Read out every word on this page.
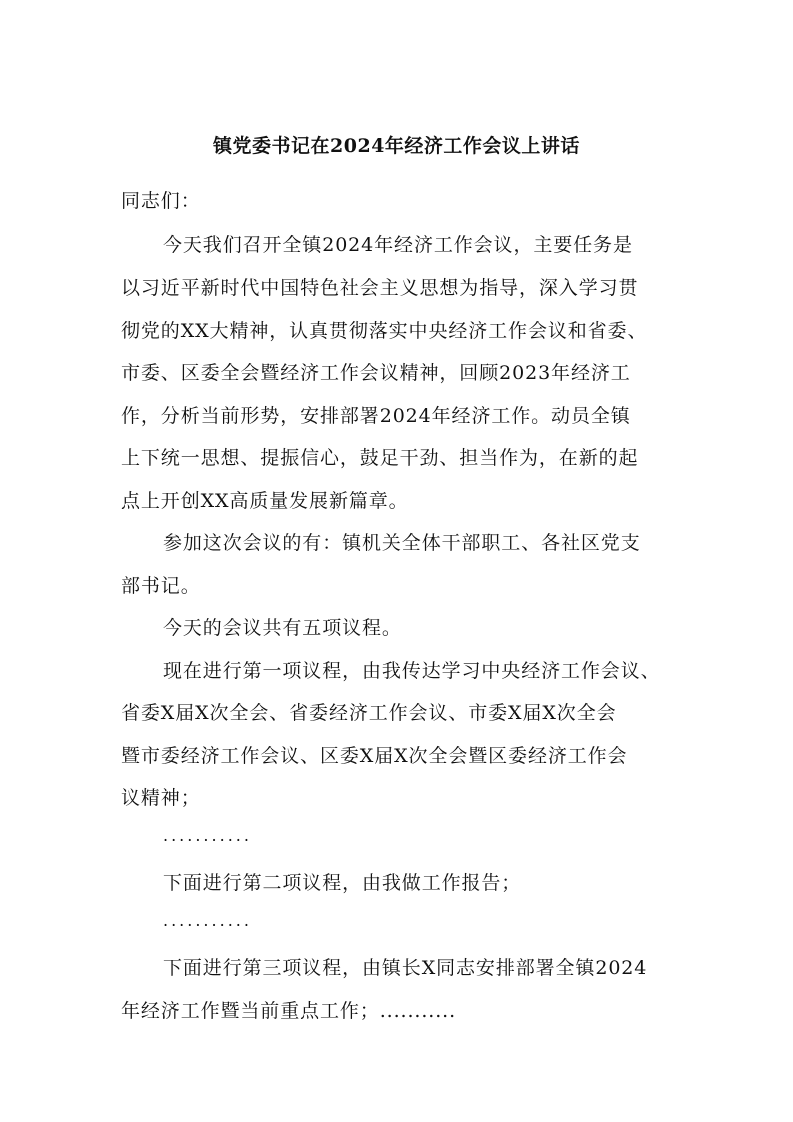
镇党委书记在2024年经济工作会议上讲话
同志们：
今天我们召开全镇2024年经济工作会议，主要任务是
以习近平新时代中国特色社会主义思想为指导，深入学习贯
彻党的XX大精神，认真贯彻落实中央经济工作会议和省委、
市委、区委全会暨经济工作会议精神，回顾2023年经济工
作，分析当前形势，安排部署2024年经济工作。动员全镇
上下统一思想、提振信心，鼓足干劲、担当作为，在新的起
点上开创XX高质量发展新篇章。
参加这次会议的有：镇机关全体干部职工、各社区党支
部书记。
今天的会议共有五项议程。
现在进行第一项议程，由我传达学习中央经济工作会议、
省委X届X次全会、省委经济工作会议、市委X届X次全会
暨市委经济工作会议、区委X届X次全会暨区委经济工作会
议精神；
...........
下面进行第二项议程，由我做工作报告；
...........
下面进行第三项议程，由镇长X同志安排部署全镇2024
年经济工作暨当前重点工作；...........
